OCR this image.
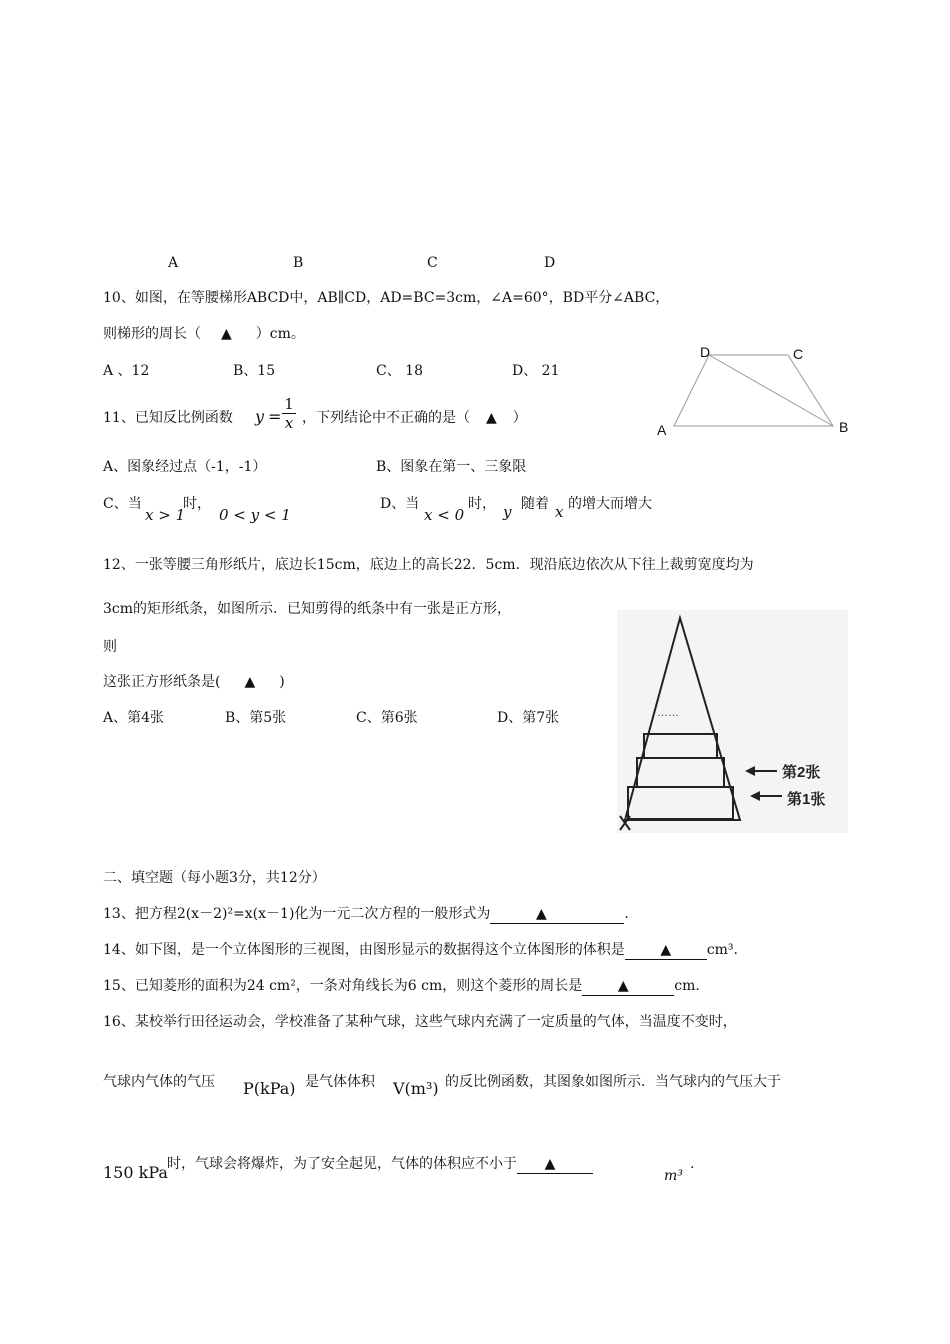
A	B	C	D
10、如图，在等腰梯形ABCD中，AB∥CD，AD=BC=3cm，∠A=60°，BD平分∠ABC，
则梯形的周长（ ▲ ）cm。
A 、12	B、15	C、 18	D、 21
D	C
A	B
11、已知反比例函数 y =
1
x ，下列结论中不正确的是（ ▲ ）
A、图象经过点（-1，-1）	B、图象在第一、三象限
C、当
x > 1
时，
0 < y < 1
D、当
x < 0
时， y 随着 x 的增大而增大
12、一张等腰三角形纸片，底边长15cm，底边上的高长22．5cm．现沿底边依次从下往上裁剪宽度均为
3cm的矩形纸条，如图所示．已知剪得的纸条中有一张是正方形，
则
这张正方形纸条是( ▲ )
A、第4张	B、第5张	C、第6张	D、第7张	……
第2张
第1张
二、填空题（每小题3分，共12分）
13、把方程2(x－2)²=x(x－1)化为一元二次方程的一般形式为	▲	.
14、如下图，是一个立体图形的三视图，由图形显示的数据得这个立体图形的体积是	▲	cm³.
15、已知菱形的面积为24 cm²，一条对角线长为6 cm，则这个菱形的周长是	▲	cm.
16、某校举行田径运动会，学校准备了某种气球，这些气球内充满了一定质量的气体，当温度不变时，
气球内气体的气压 P(kPa) 是气体体积 V(m³) 的反比例函数，其图象如图所示．当气球内的气压大于
150 kPa 时，气球会将爆炸，为了安全起见，气体的体积应不小于 ▲
m³
.
